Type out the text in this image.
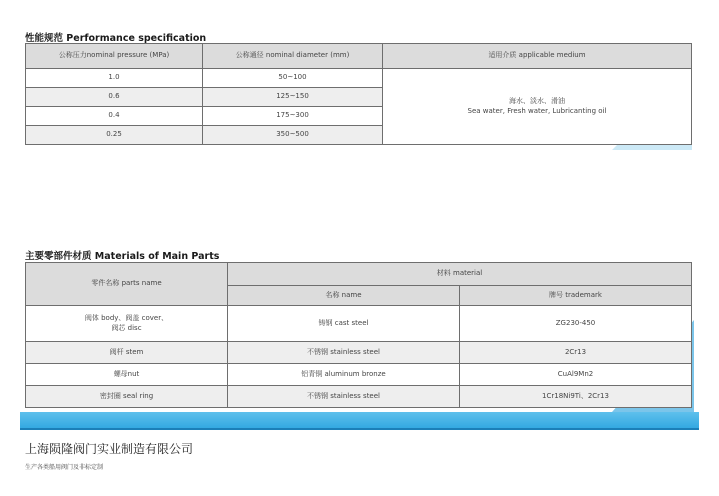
性能规范 Performance specification
公称压力nominal pressure (MPa)	公称通径 nominal diameter (mm)	适用介质 applicable medium
1.0	50~100	海水、淡水、滑油
Sea water, Fresh water, Lubricanting oil

0.6	125~150	
0.4	175~300	
0.25	350~500	
主要零部件材质 Materials of Main Parts
零件名称 parts name	材料 material	
	名称 name	牌号 trademark

阀体 body、阀盖 cover、
阀芯 disc	铸钢 cast steel	ZG230-450
阀杆 stem	不锈钢 stainless steel	2Cr13
螺母nut	铝青铜 aluminum bronze	CuAl9Mn2
密封圈 seal ring	不锈钢 stainless steel	1Cr18Ni9Ti、2Cr13
上海陨隆阀门实业制造有限公司
生产各类船用阀门及非标定制
